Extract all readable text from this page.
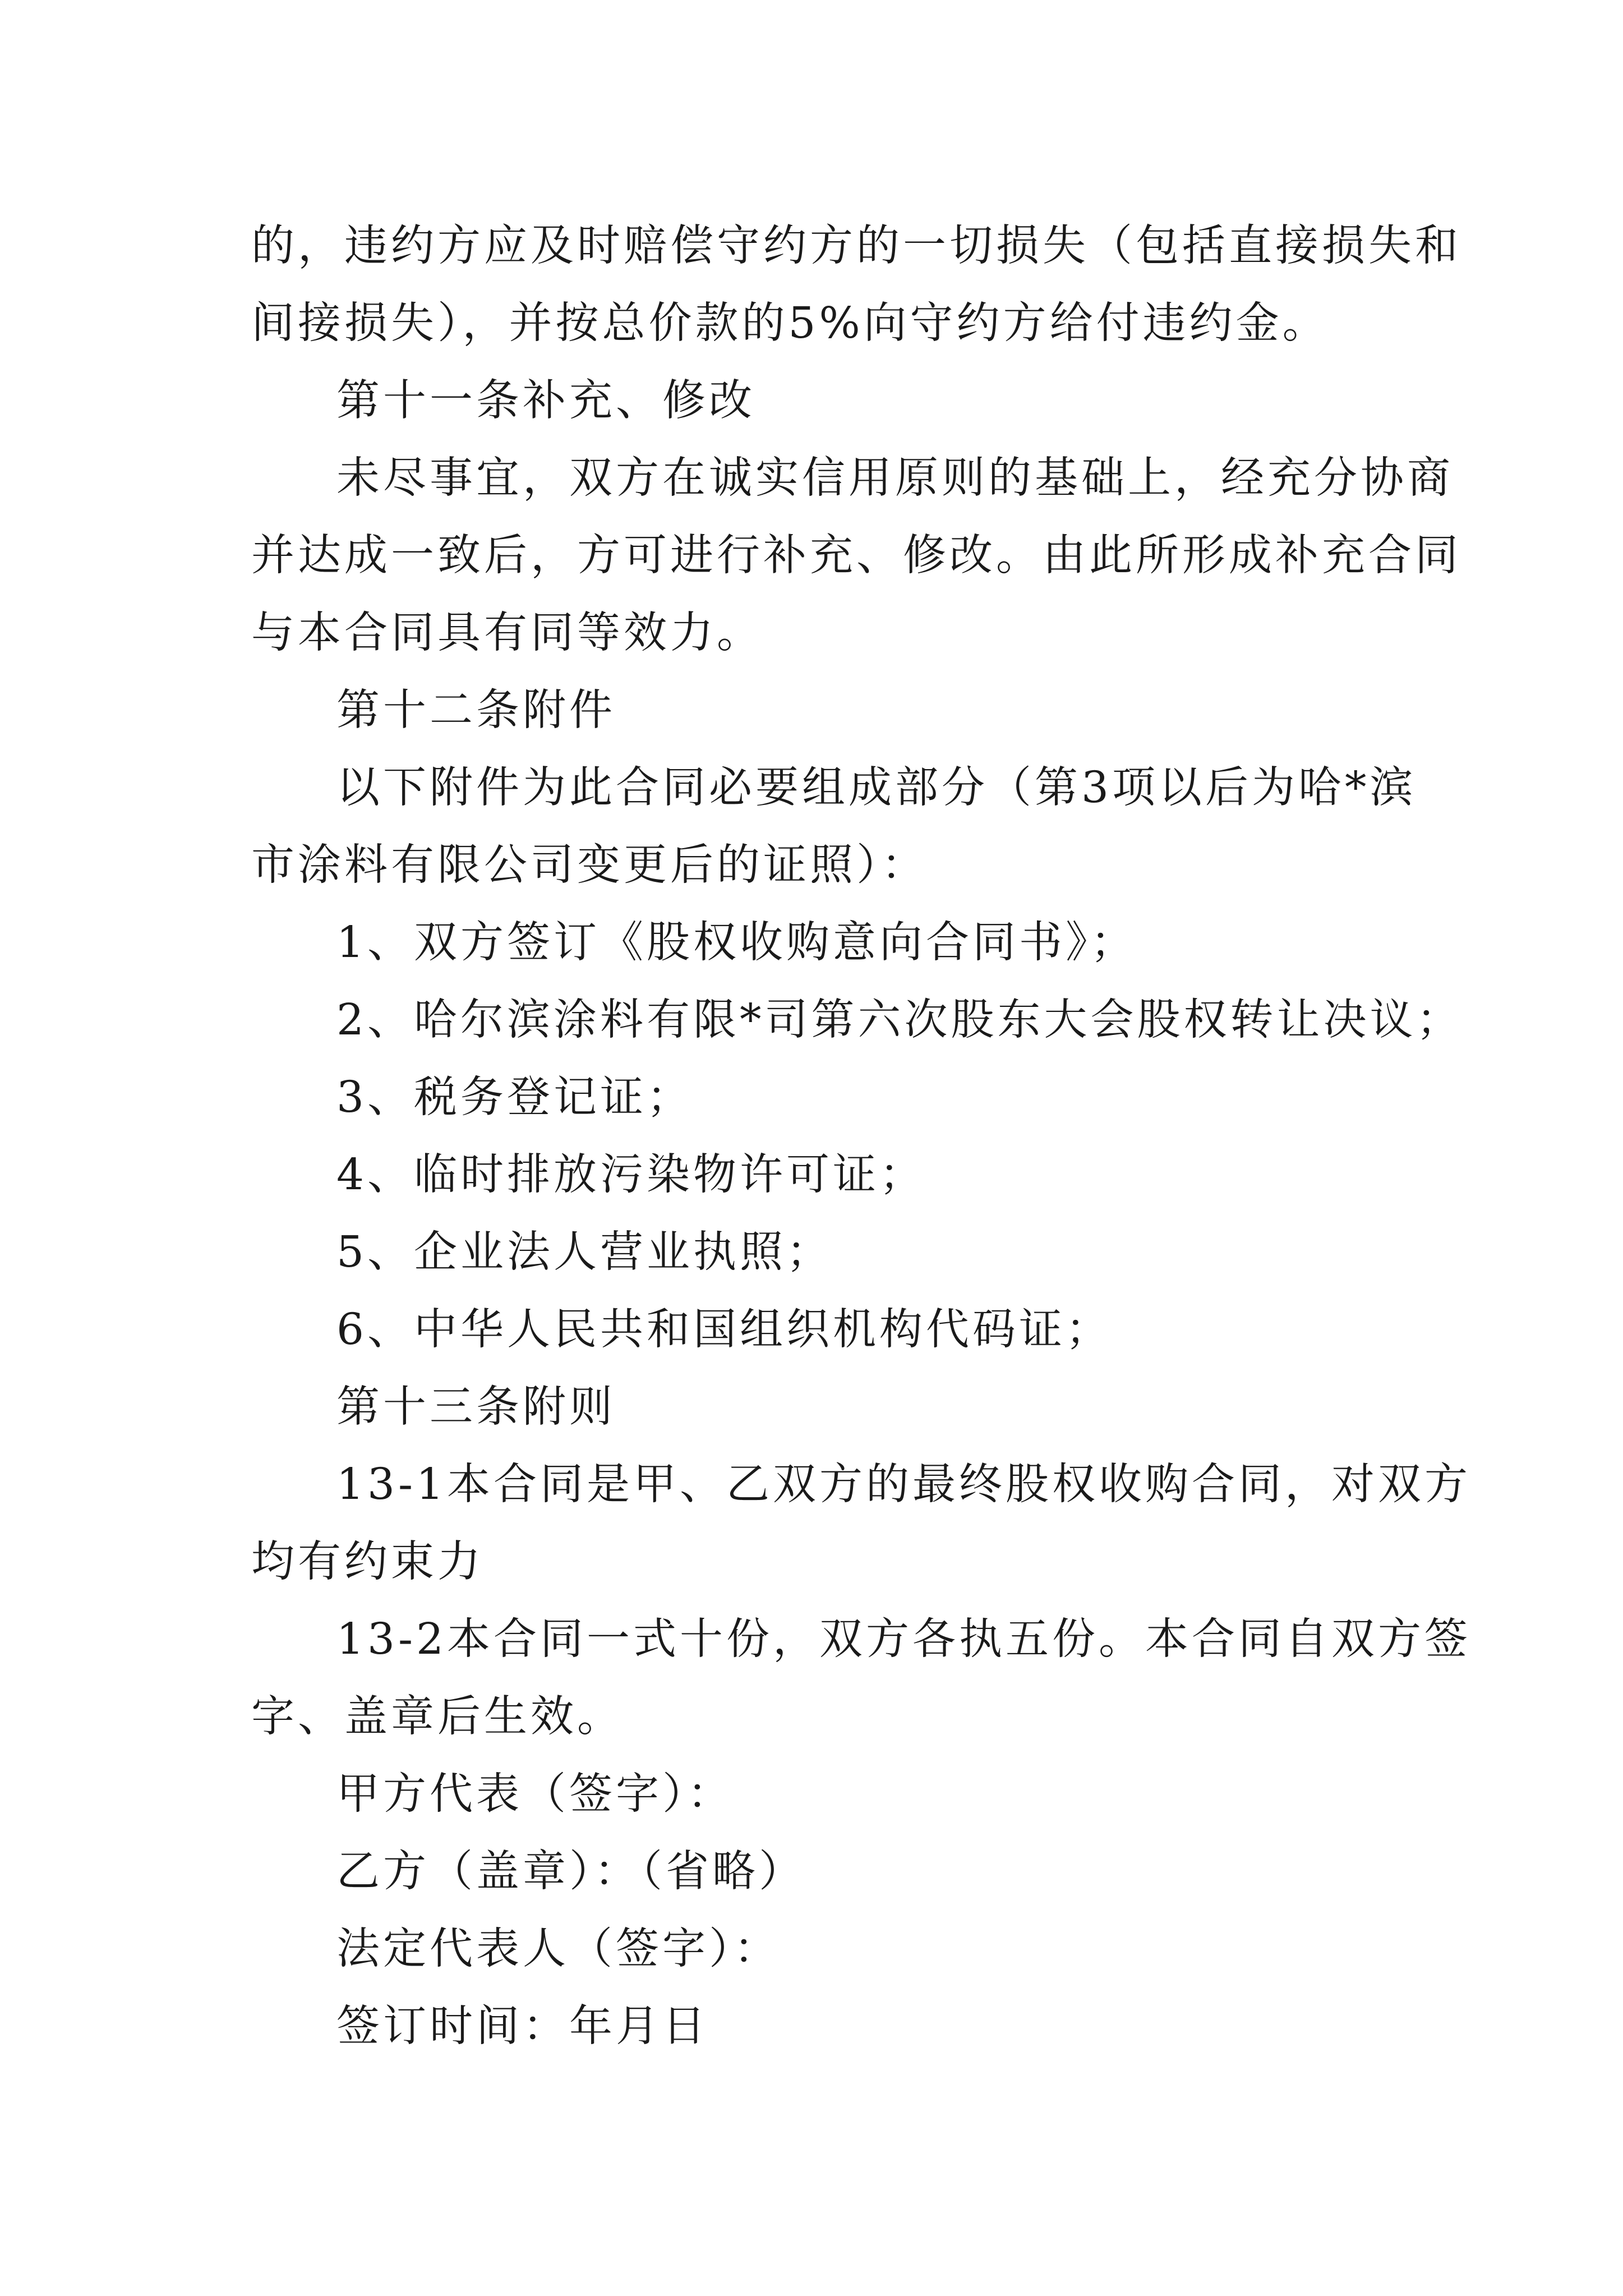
的，违约方应及时赔偿守约方的一切损失（包括直接损失和
间接损失），并按总价款的5%向守约方给付违约金。
第十一条补充、修改
未尽事宜，双方在诚实信用原则的基础上，经充分协商
并达成一致后，方可进行补充、修改。由此所形成补充合同
与本合同具有同等效力。
第十二条附件
以下附件为此合同必要组成部分（第3项以后为哈*滨
市涂料有限公司变更后的证照）：
1、双方签订《股权收购意向合同书》；
2、哈尔滨涂料有限*司第六次股东大会股权转让决议；
3、税务登记证；
4、临时排放污染物许可证；
5、企业法人营业执照；
6、中华人民共和国组织机构代码证；
第十三条附则
13-1本合同是甲、乙双方的最终股权收购合同，对双方
均有约束力
13-2本合同一式十份，双方各执五份。本合同自双方签
字、盖章后生效。
甲方代表（签字）：
乙方（盖章）：（省略）
法定代表人（签字）：
签订时间：年月日
